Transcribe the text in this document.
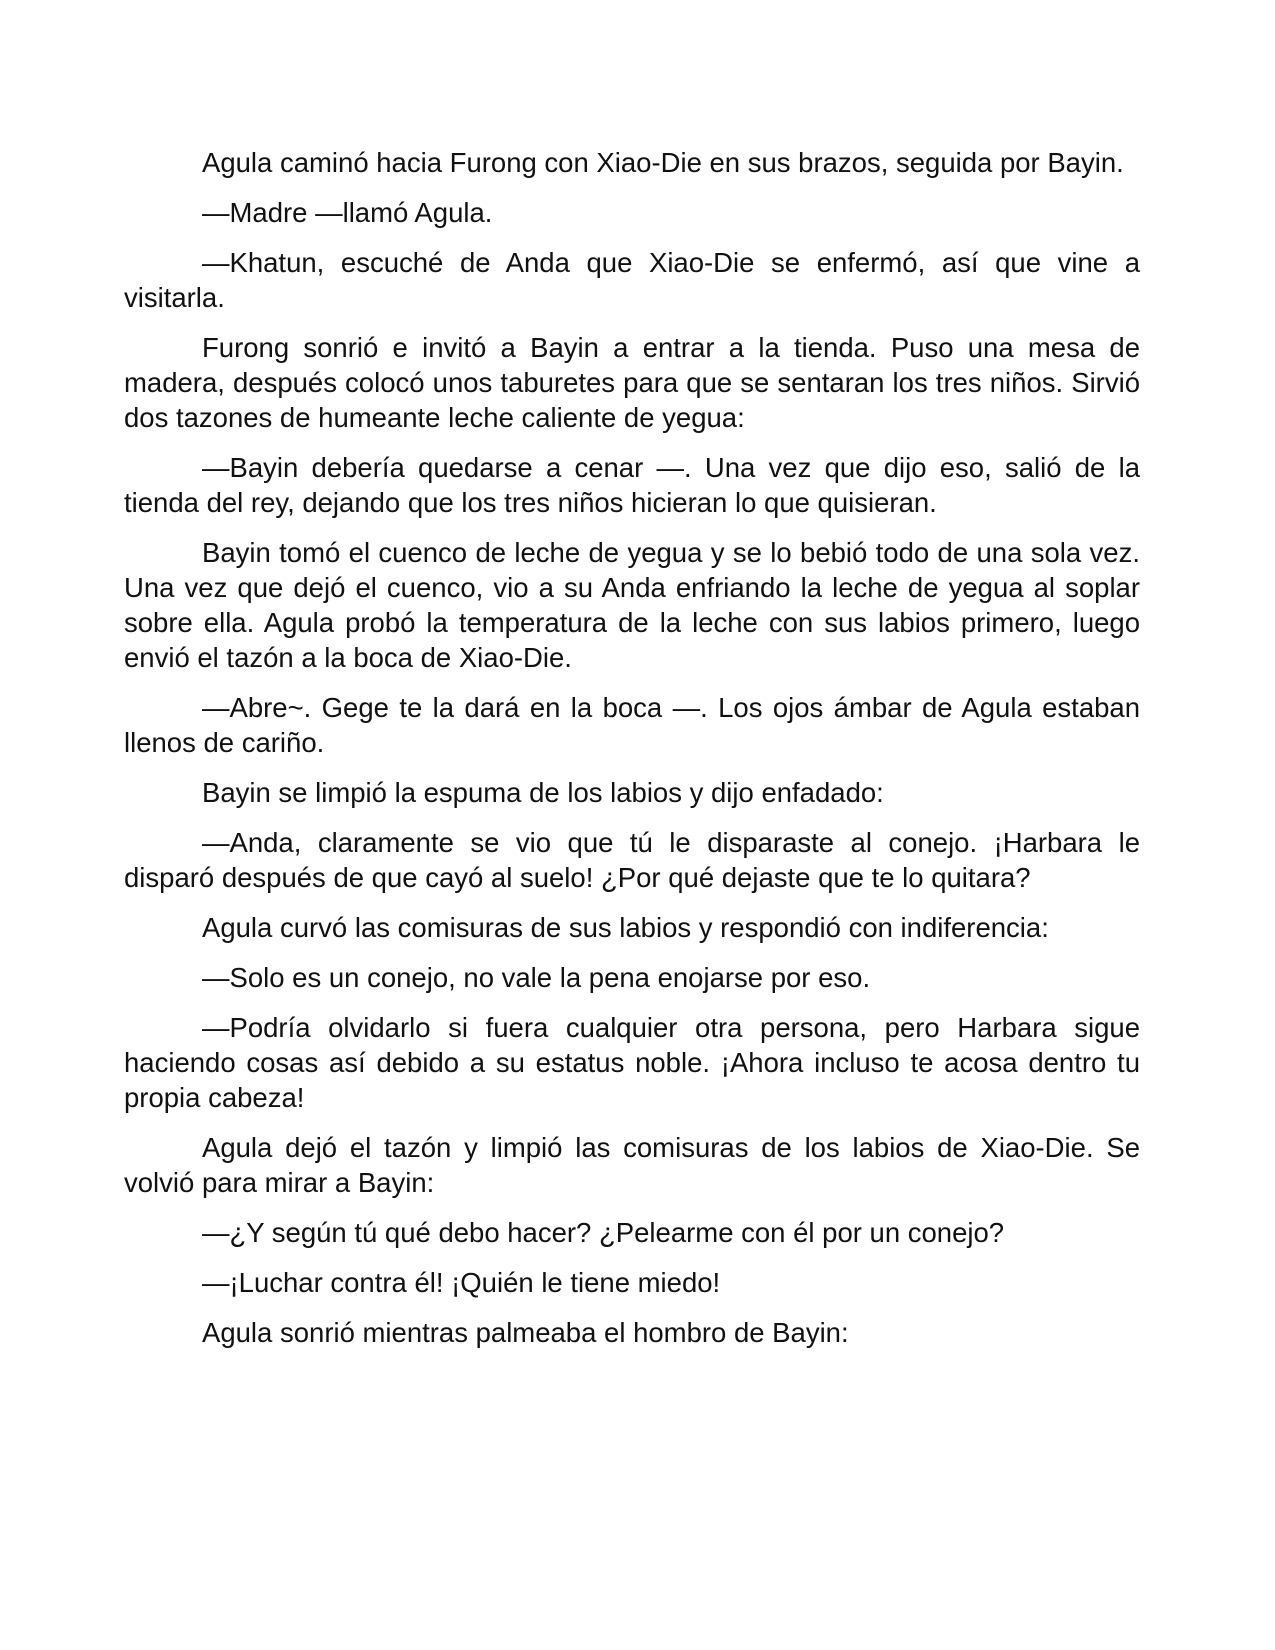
Agula caminó hacia Furong con Xiao-Die en sus brazos, seguida por Bayin.

—Madre —llamó Agula.

—Khatun, escuché de Anda que Xiao-Die se enfermó, así que vine a visitarla.

Furong sonrió e invitó a Bayin a entrar a la tienda. Puso una mesa de madera, después colocó unos taburetes para que se sentaran los tres niños. Sirvió dos tazones de humeante leche caliente de yegua:

—Bayin debería quedarse a cenar —. Una vez que dijo eso, salió de la tienda del rey, dejando que los tres niños hicieran lo que quisieran.

Bayin tomó el cuenco de leche de yegua y se lo bebió todo de una sola vez. Una vez que dejó el cuenco, vio a su Anda enfriando la leche de yegua al soplar sobre ella. Agula probó la temperatura de la leche con sus labios primero, luego envió el tazón a la boca de Xiao-Die.

—Abre~. Gege te la dará en la boca —. Los ojos ámbar de Agula estaban llenos de cariño.

Bayin se limpió la espuma de los labios y dijo enfadado:

—Anda, claramente se vio que tú le disparaste al conejo. ¡Harbara le disparó después de que cayó al suelo! ¿Por qué dejaste que te lo quitara?

Agula curvó las comisuras de sus labios y respondió con indiferencia:

—Solo es un conejo, no vale la pena enojarse por eso.

—Podría olvidarlo si fuera cualquier otra persona, pero Harbara sigue haciendo cosas así debido a su estatus noble. ¡Ahora incluso te acosa dentro tu propia cabeza!

Agula dejó el tazón y limpió las comisuras de los labios de Xiao-Die. Se volvió para mirar a Bayin:

—¿Y según tú qué debo hacer? ¿Pelearme con él por un conejo?

—¡Luchar contra él! ¡Quién le tiene miedo!

Agula sonrió mientras palmeaba el hombro de Bayin:
